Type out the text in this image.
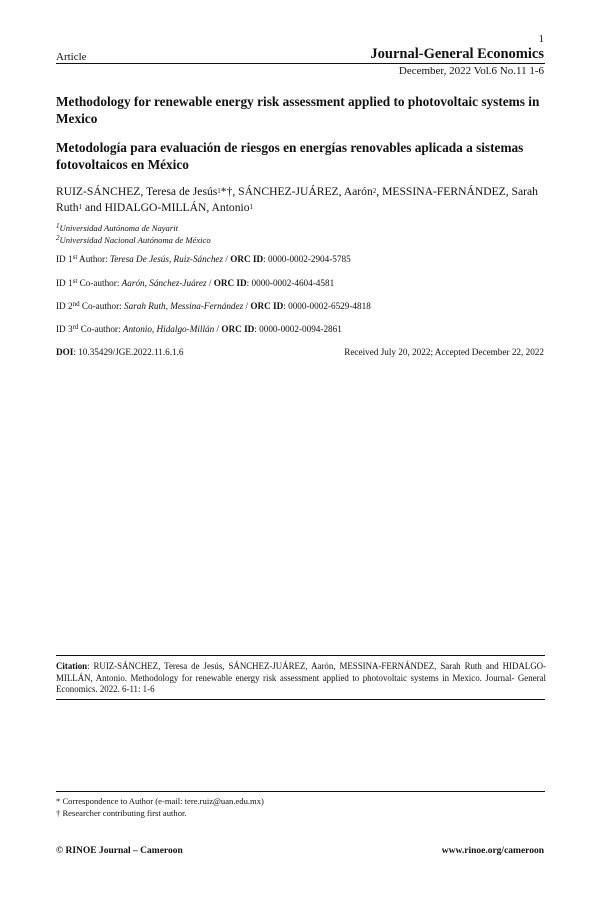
1
Article	Journal-General Economics
December, 2022 Vol.6 No.11 1-6
Methodology for renewable energy risk assessment applied to photovoltaic systems in Mexico
Metodología para evaluación de riesgos en energías renovables aplicada a sistemas fotovoltaicos en México
RUIZ-SÁNCHEZ, Teresa de Jesús$^1$*†, SÁNCHEZ-JUÁREZ, Aarón$^2$, MESSINA-FERNÁNDEZ, Sarah Ruth$^1$ and HIDALGO-MILLÁN, Antonio$^1$
$^1$Universidad Autónoma de Nayarit
$^2$Universidad Nacional Autónoma de México
ID 1st Author: Teresa De Jesús, Ruiz-Sánchez / ORC ID: 0000-0002-2904-5785
ID 1st Co-author: Aarón, Sánchez-Juárez / ORC ID: 0000-0002-4604-4581
ID 2nd Co-author: Sarah Ruth, Messina-Fernández / ORC ID: 0000-0002-6529-4818
ID 3rd Co-author: Antonio, Hidalgo-Millán / ORC ID: 0000-0002-0094-2861
DOI: 10.35429/JGE.2022.11.6.1.6	Received July 20, 2022; Accepted December 22, 2022
Citation: RUIZ-SÁNCHEZ, Teresa de Jesús, SÁNCHEZ-JUÁREZ, Aarón, MESSINA-FERNÁNDEZ, Sarah Ruth and HIDALGO-MILLÁN, Antonio. Methodology for renewable energy risk assessment applied to photovoltaic systems in Mexico. Journal- General Economics. 2022. 6-11: 1-6
* Correspondence to Author (e-mail: tere.ruiz@uan.edu.mx)
† Researcher contributing first author.
© RINOE Journal – Cameroon	www.rinoe.org/cameroon
